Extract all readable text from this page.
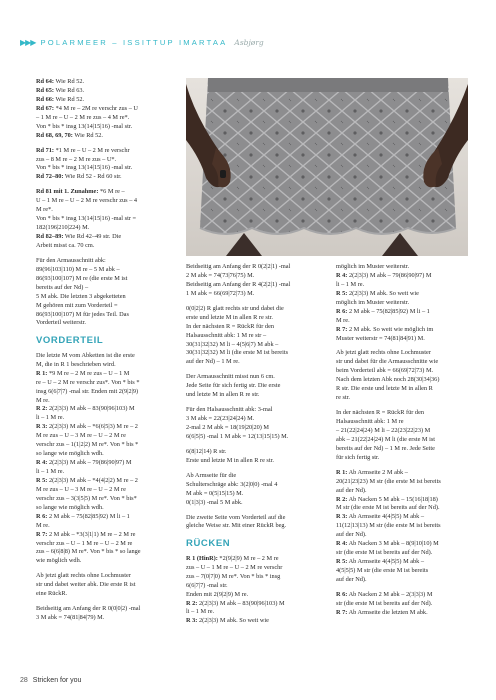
▶▶▶ POLARMEER – ISSITTUP IMARTAA Asbjørg
Rd 64: Wie Rd 52.
Rd 65: Wie Rd 63.
Rd 66: Wie Rd 52.
Rd 67: *4 M re – 2M re verschr zus – U
– 1 M re – U – 2 M re zus – 4 M re*.
Von * bis * insg 13(14|15|16) -mal str.
Rd 68, 69, 70: Wie Rd 52.
Rd 71: *1 M re – U – 2 M re verschr
zus – 8 M re – 2 M re zus – U*.
Von * bis * insg 13(14|15|16) -mal str.
Rd 72–80: Wie Rd 52 - Rd 60 str.
Rd 81 mit 1. Zunahme: *6 M re –
U – 1 M re – U – 2 M re verschr zus – 4
M re*.
Von * bis * insg 13(14|15|16) -mal str =
182(196|210|224) M.
Rd 82–89: Wie Rd 42–49 str. Die
Arbeit misst ca. 70 cm.
Für den Armausschnitt abk:
89(96|103|110) M re – 5 M abk –
86(93|100|107) M re (die erste M ist
bereits auf der Nd) –
5 M abk. Die letzten 3 abgeketteten
M gehören mit zum Vorderteil =
86(93|100|107) M für jedes Teil. Das
Vorderteil weiterstr.
VORDERTEIL
Die letzte M vom Abketten ist die erste
M, die in R 1 beschrieben wird.
R 1: *9 M re – 2 M re zus – U – 1 M
re – U – 2 M re verschr zus*. Von * bis *
insg 6(6|7|7) -mal str. Enden mit 2(9|2|9)
M re.
R 2: 2(2|3|3) M abk – 83(90|96|103) M
li – 1 M re.
R 3: 2(2|3|3) M abk – *6(6|5|3) M re – 2
M re zus – U – 3 M re – U – 2 M re
verschr zus – 1(1|2|2) M re*. Von * bis *
so lange wie möglich wdh.
R 4: 2(2|3|3) M abk – 79(86|90|97) M
li – 1 M re.
R 5: 2(2|3|3) M abk – *4(4|2|2) M re – 2
M re zus – U – 3 M re – U – 2 M re
verschr zus – 3(3|5|5) M re*. Von * bis*
so lange wie möglich wdh.
R 6: 2 M abk – 75(82|85|92) M li – 1
M re.
R 7: 2 M abk – *3(3|1|1) M re – 2 M re
verschr zus – U – 1 M re – U – 2 M re
zus – 6(6|8|8) M re*. Von * bis * so lange
wie möglich wdh.
Ab jetzt glatt rechts ohne Lochmuster
str und dabei weiter abk. Die erste R ist
eine RückR.
Beidseitig am Anfang der R 0(0|0|2) -mal
3 M abk = 74(81|84|79) M.
Beidseitig am Anfang der R 0(2|2|1) -mal
2 M abk = 74(73|76|75) M.
Beidseitig am Anfang der R 4(2|2|1) -mal
1 M abk = 66(69|72|73) M.
0(0|2|2) R glatt rechts str und dabei die
erste und letzte M in allen R re str.
In der nächsten R = RückR für den
Halsausschnitt abk: 1 M re str –
30(31|32|32) M li – 4(5|6|7) M abk –
30(31|32|32) M li (die erste M ist bereits
auf der Nd) – 1 M re.
Der Armausschnitt misst nun 6 cm.
Jede Seite für sich fertig str. Die erste
und letzte M in allen R re str.
Für den Halsausschnitt abk: 3-mal
3 M abk = 22(23|24|24) M.
2-mal 2 M abk = 18(19|20|20) M
6(6|5|5) -mal 1 M abk = 12(13|15|15) M.
6(8|12|14) R str.
Erste und letzte M in allen R re str.
Ab Armseite für die
Schulterschräge abk: 3(2|0|0) -mal 4
M abk = 0(5|15|15) M.
0(1|3|3) -mal 5 M abk.
Die zweite Seite vom Vorderteil auf die
gleiche Weise str. Mit einer RückR beg.
RÜCKEN
R 1 (HinR): *2(9|2|9) M re – 2 M re
zus – U – 1 M re – U – 2 M re verschr
zus – 7(0|7|0) M re*. Von * bis * insg
6(6|7|7) -mal str.
Enden mit 2(9|2|9) M re.
R 2: 2(2|3|3) M abk – 83(90|96|103) M
li – 1 M re.
R 3: 2(2|3|3) M abk. So weit wie
möglich im Muster weiterstr.
R 4: 2(2|3|3) M abk – 79(86|90|97) M
li – 1 M re.
R 5: 2(2|3|3) M abk. So weit wie
möglich im Muster weiterstr.
R 6: 2 M abk – 75(82|85|92) M li – 1
M re.
R 7: 2 M abk. So weit wie möglich im
Muster weiterstr = 74(81|84|91) M.
Ab jetzt glatt rechts ohne Lochmuster
str und dabei für die Armausschnitte wie
beim Vorderteil abk = 66(69|72|73) M.
Nach dem letzten Abk noch 28(30|34|36)
R str. Die erste und letzte M in allen R
re str.
In der nächsten R = RückR für den
Halsausschnitt abk: 1 M re
– 21(22|24|24) M li – 22(23|22|23) M
abk – 21(22|24|24) M li (die erste M ist
bereits auf der Nd) – 1 M re. Jede Seite
für sich fertig str.
R 1: Ab Armseite 2 M abk –
20(21|23|23) M str (die erste M ist bereits
auf der Nd).
R 2: Ab Nacken 5 M abk – 15(16|18|18)
M str (die erste M ist bereits auf der Nd).
R 3: Ab Armseite 4(4|5|5) M abk –
11(12|13|13) M str (die erste M ist bereits
auf der Nd).
R 4: Ab Nacken 3 M abk – 8(9|10|10) M
str (die erste M ist bereits auf der Nd).
R 5: Ab Armseite 4(4|5|5) M abk –
4(5|5|5) M str (die erste M ist bereits
auf der Nd).
R 6: Ab Nacken 2 M abk – 2(3|3|3) M
str (die erste M ist bereits auf der Nd).
R 7: Ab Armseite die letzten M abk.
28 Stricken for you
